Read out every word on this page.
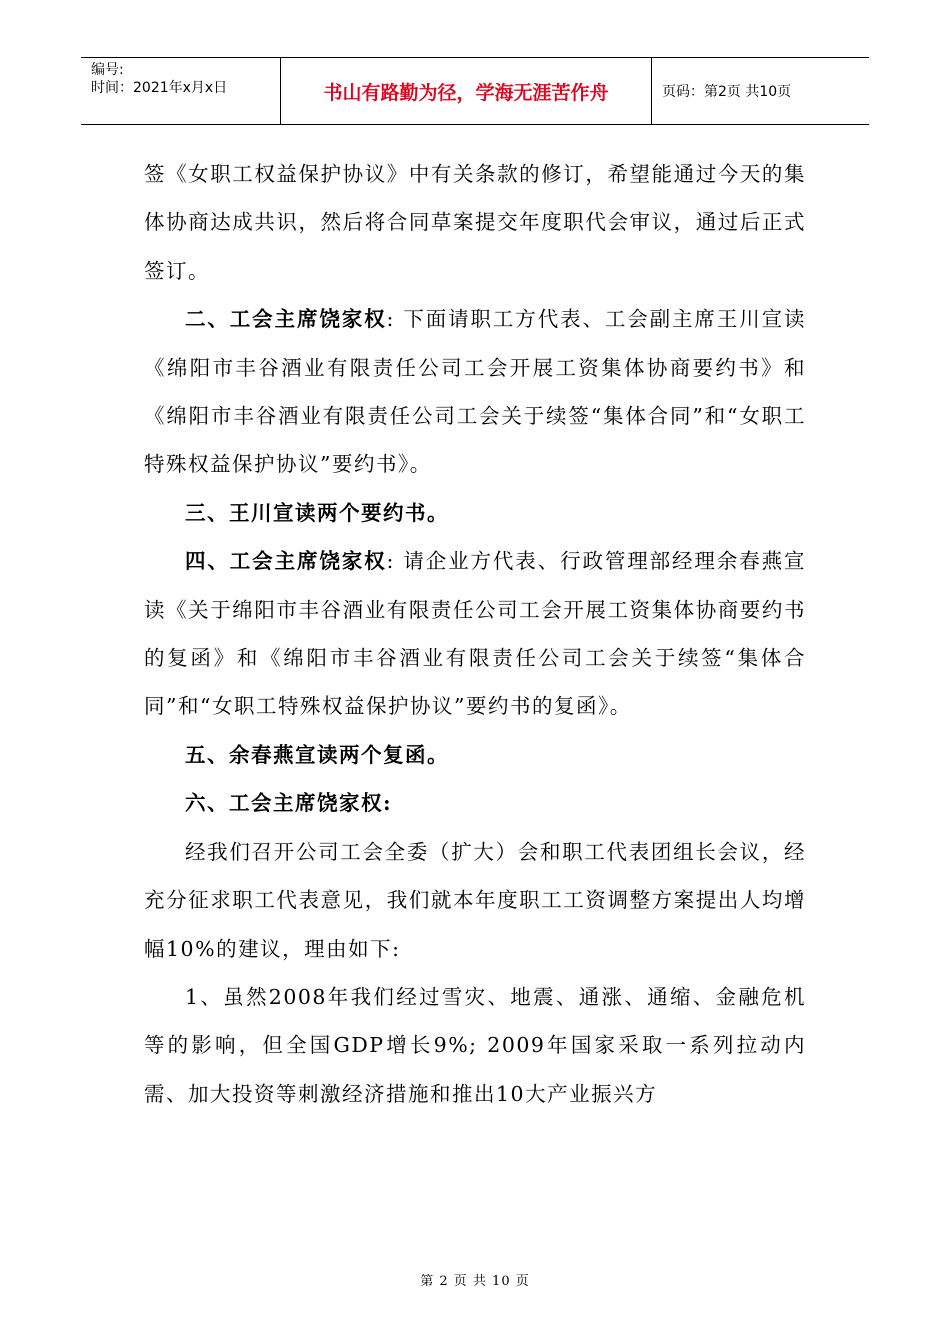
编号:
时间：2021年x月x日	书山有路勤为径，学海无涯苦作舟	页码：第2页 共10页

签《女职工权益保护协议》中有关条款的修订，希望能通过今天的集体协商达成共识，然后将合同草案提交年度职代会审议，通过后正式签订。

二、工会主席饶家权: 下面请职工方代表、工会副主席王川宣读《绵阳市丰谷酒业有限责任公司工会开展工资集体协商要约书》和《绵阳市丰谷酒业有限责任公司工会关于续签“集体合同”和“女职工特殊权益保护协议”要约书》。

三、王川宣读两个要约书。

四、工会主席饶家权: 请企业方代表、行政管理部经理余春燕宣读《关于绵阳市丰谷酒业有限责任公司工会开展工资集体协商要约书的复函》和《绵阳市丰谷酒业有限责任公司工会关于续签“集体合同”和“女职工特殊权益保护协议”要约书的复函》。

五、余春燕宣读两个复函。

六、工会主席饶家权:

经我们召开公司工会全委（扩大）会和职工代表团组长会议，经充分征求职工代表意见，我们就本年度职工工资调整方案提出人均增幅10%的建议，理由如下:

1、虽然2008年我们经过雪灾、地震、通涨、通缩、金融危机等的影响，但全国GDP增长9%; 2009年国家采取一系列拉动内需、加大投资等刺激经济措施和推出10大产业振兴方

第 2 页 共 10 页
